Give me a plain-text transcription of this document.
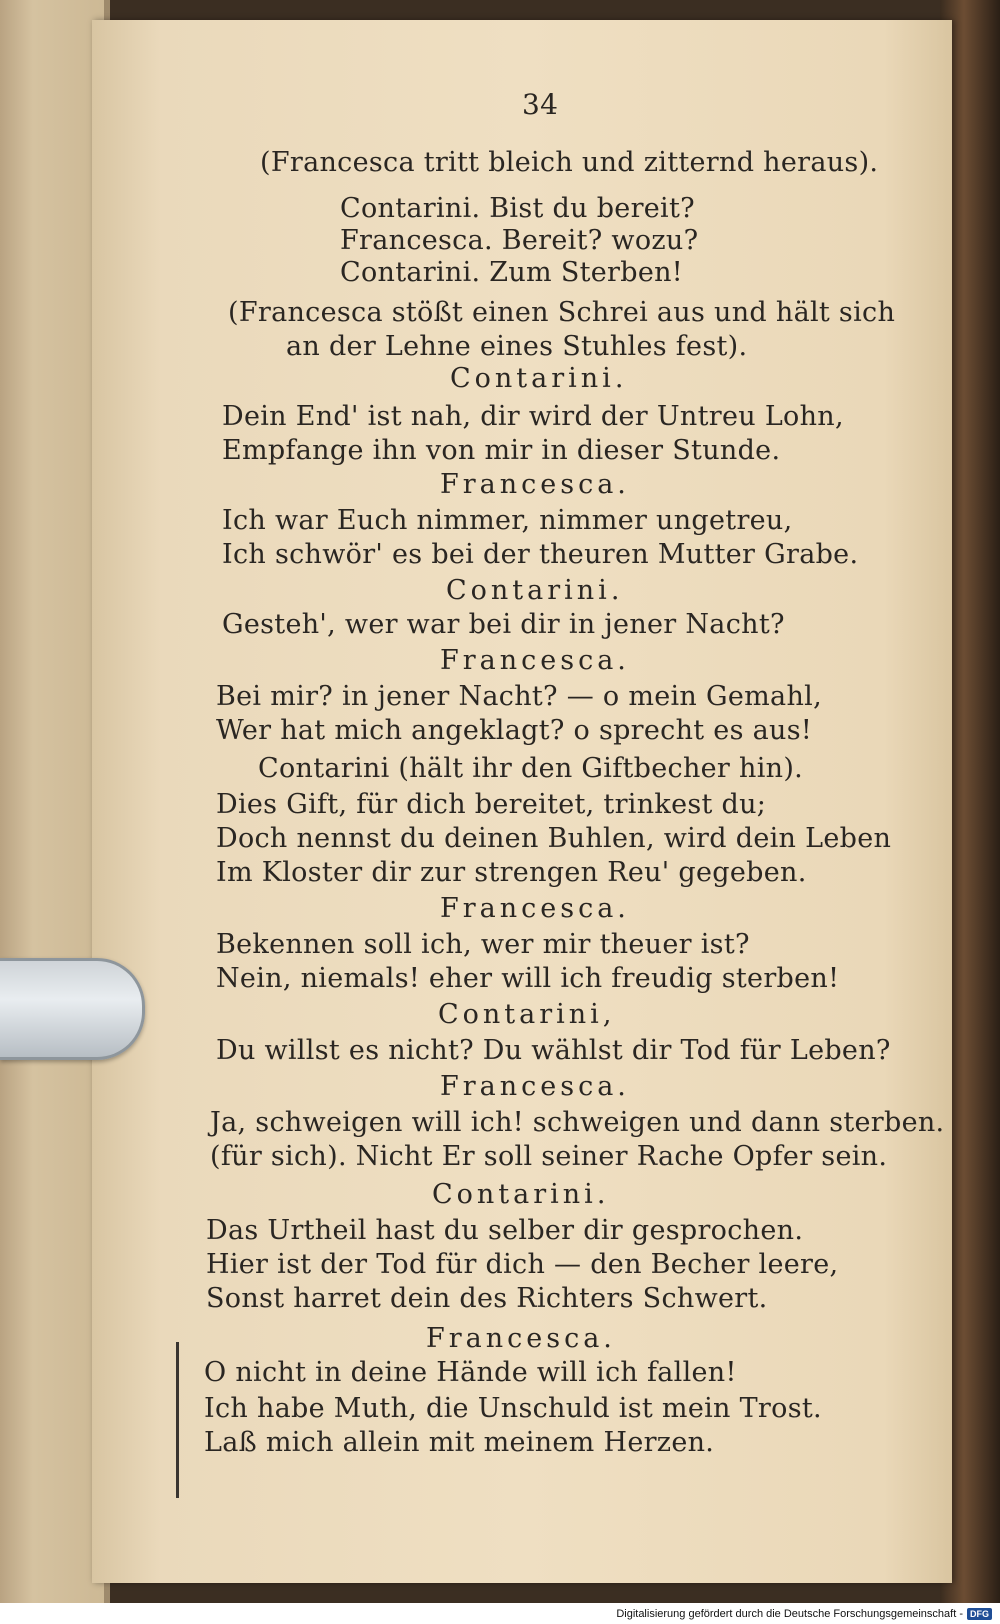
34
(Francesca tritt bleich und zitternd heraus).
Contarini. Bist du bereit?
Francesca. Bereit? wozu?
Contarini. Zum Sterben!
(Francesca stößt einen Schrei aus und hält sich
an der Lehne eines Stuhles fest).
Contarini.
Dein End' ist nah, dir wird der Untreu Lohn,
Empfange ihn von mir in dieser Stunde.
Francesca.
Ich war Euch nimmer, nimmer ungetreu,
Ich schwör' es bei der theuren Mutter Grabe.
Contarini.
Gesteh', wer war bei dir in jener Nacht?
Francesca.
Bei mir? in jener Nacht? — o mein Gemahl,
Wer hat mich angeklagt? o sprecht es aus!
Contarini (hält ihr den Giftbecher hin).
Dies Gift, für dich bereitet, trinkest du;
Doch nennst du deinen Buhlen, wird dein Leben
Im Kloster dir zur strengen Reu' gegeben.
Francesca.
Bekennen soll ich, wer mir theuer ist?
Nein, niemals! eher will ich freudig sterben!
Contarini,
Du willst es nicht? Du wählst dir Tod für Leben?
Francesca.
Ja, schweigen will ich! schweigen und dann sterben.
(für sich). Nicht Er soll seiner Rache Opfer sein.
Contarini.
Das Urtheil hast du selber dir gesprochen.
Hier ist der Tod für dich — den Becher leere,
Sonst harret dein des Richters Schwert.
Francesca.
O nicht in deine Hände will ich fallen!
Ich habe Muth, die Unschuld ist mein Trost.
Laß mich allein mit meinem Herzen.
Digitalisierung gefördert durch die Deutsche Forschungsgemeinschaft - DFG
